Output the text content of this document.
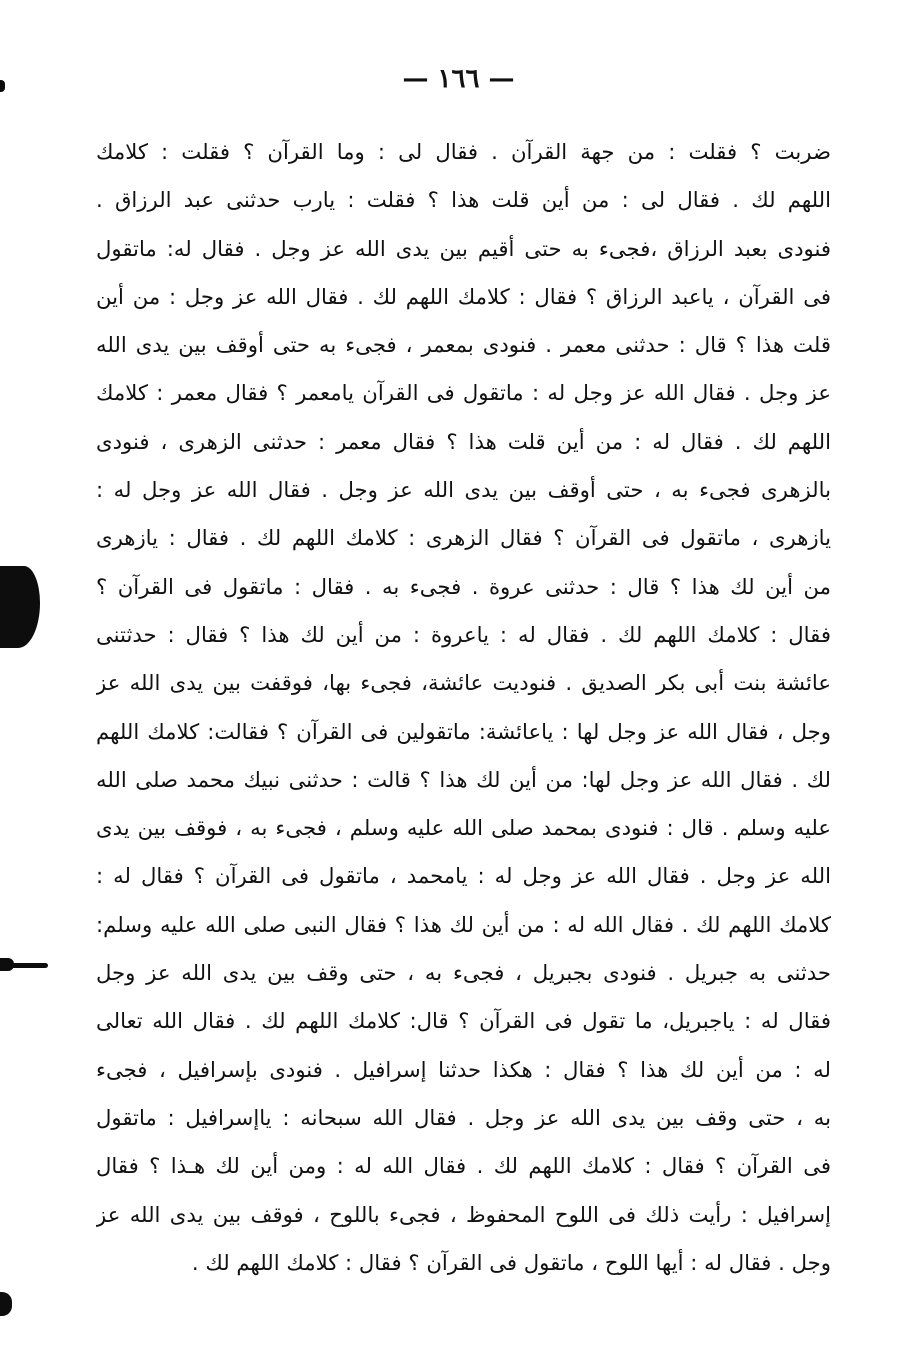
— ١٦٦ —
ضربت ؟ فقلت : من جهة القرآن . فقال لى : وما القرآن ؟ فقلت : كلامك
اللهم لك . فقال لى : من أين قلت هذا ؟ فقلت : يارب حدثنى عبد الرزاق .
فنودى بعبد الرزاق ،فجىء به حتى أقيم بين يدى الله عز وجل . فقال له: ماتقول
فى القرآن ، ياعبد الرزاق ؟ فقال : كلامك اللهم لك . فقال الله عز وجل : من أين
قلت هذا ؟ قال : حدثنى معمر . فنودى بمعمر ، فجىء به حتى أوقف بين يدى الله
عز وجل . فقال الله عز وجل له : ماتقول فى القرآن يامعمر ؟ فقال معمر : كلامك
اللهم لك . فقال له : من أين قلت هذا ؟ فقال معمر : حدثنى الزهرى ، فنودى
بالزهرى فجىء به ، حتى أوقف بين يدى الله عز وجل . فقال الله عز وجل له :
يازهرى ، ماتقول فى القرآن ؟ فقال الزهرى : كلامك اللهم لك . فقال : يازهرى
من أين لك هذا ؟ قال : حدثنى عروة . فجىء به . فقال : ماتقول فى القرآن ؟
فقال : كلامك اللهم لك . فقال له : ياعروة : من أين لك هذا ؟ فقال : حدثتنى
عائشة بنت أبى بكر الصديق . فنوديت عائشة، فجىء بها، فوقفت بين يدى الله عز
وجل ، فقال الله عز وجل لها : ياعائشة: ماتقولين فى القرآن ؟ فقالت: كلامك اللهم
لك . فقال الله عز وجل لها: من أين لك هذا ؟ قالت : حدثنى نبيك محمد صلى الله
عليه وسلم . قال : فنودى بمحمد صلى الله عليه وسلم ، فجىء به ، فوقف بين يدى
الله عز وجل . فقال الله عز وجل له : يامحمد ، ماتقول فى القرآن ؟ فقال له :
كلامك اللهم لك . فقال الله له : من أين لك هذا ؟ فقال النبى صلى الله عليه وسلم:
حدثنى به جبريل . فنودى بجبريل ، فجىء به ، حتى وقف بين يدى الله عز وجل
فقال له : ياجبريل، ما تقول فى القرآن ؟ قال: كلامك اللهم لك . فقال الله تعالى
له : من أين لك هذا ؟ فقال : هكذا حدثنا إسرافيل . فنودى بإسرافيل ، فجىء
به ، حتى وقف بين يدى الله عز وجل . فقال الله سبحانه : ياإسرافيل : ماتقول
فى القرآن ؟ فقال : كلامك اللهم لك . فقال الله له : ومن أين لك هـذا ؟ فقال
إسرافيل : رأيت ذلك فى اللوح المحفوظ ، فجىء باللوح ، فوقف بين يدى الله عز
وجل . فقال له : أيها اللوح ، ماتقول فى القرآن ؟ فقال : كلامك اللهم لك .
